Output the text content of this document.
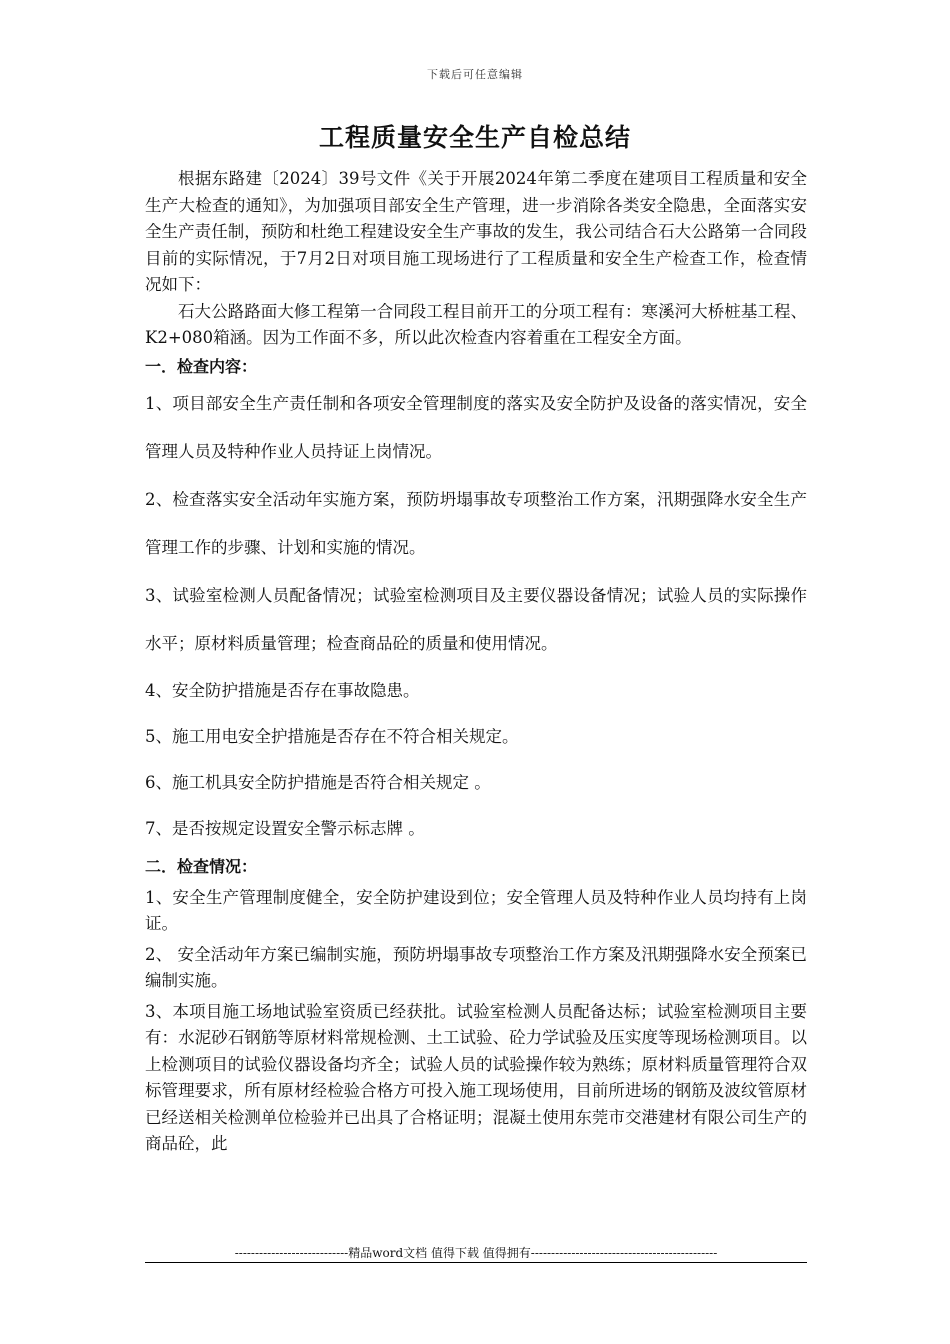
下载后可任意编辑
工程质量安全生产自检总结

根据东路建〔2024〕39号文件《关于开展2024年第二季度在建项目工程质量和安全生产大检查的通知》，为加强项目部安全生产管理，进一步消除各类安全隐患，全面落实安全生产责任制，预防和杜绝工程建设安全生产事故的发生，我公司结合石大公路第一合同段目前的实际情况，于7月2日对项目施工现场进行了工程质量和安全生产检查工作，检查情况如下：

石大公路路面大修工程第一合同段工程目前开工的分项工程有：寒溪河大桥桩基工程、K2+080箱涵。因为工作面不多，所以此次检查内容着重在工程安全方面。

一．检查内容：

1、项目部安全生产责任制和各项安全管理制度的落实及安全防护及设备的落实情况，安全管理人员及特种作业人员持证上岗情况。

2、检查落实安全活动年实施方案，预防坍塌事故专项整治工作方案，汛期强降水安全生产管理工作的步骤、计划和实施的情况。

3、试验室检测人员配备情况；试验室检测项目及主要仪器设备情况；试验人员的实际操作水平；原材料质量管理；检查商品砼的质量和使用情况。

4、安全防护措施是否存在事故隐患。

5、施工用电安全护措施是否存在不符合相关规定。

6、施工机具安全防护措施是否符合相关规定 。

7、是否按规定设置安全警示标志牌 。

二．检查情况：

1、安全生产管理制度健全，安全防护建设到位；安全管理人员及特种作业人员均持有上岗证。

2、 安全活动年方案已编制实施，预防坍塌事故专项整治工作方案及汛期强降水安全预案已编制实施。

3、本项目施工场地试验室资质已经获批。试验室检测人员配备达标；试验室检测项目主要有：水泥砂石钢筋等原材料常规检测、土工试验、砼力学试验及压实度等现场检测项目。以上检测项目的试验仪器设备均齐全；试验人员的试验操作较为熟练；原材料质量管理符合双标管理要求，所有原材经检验合格方可投入施工现场使用，目前所进场的钢筋及波纹管原材已经送相关检测单位检验并已出具了合格证明；混凝土使用东莞市交港建材有限公司生产的商品砼，此

----------------------------精品word文档 值得下载 值得拥有----------------------------------------------
